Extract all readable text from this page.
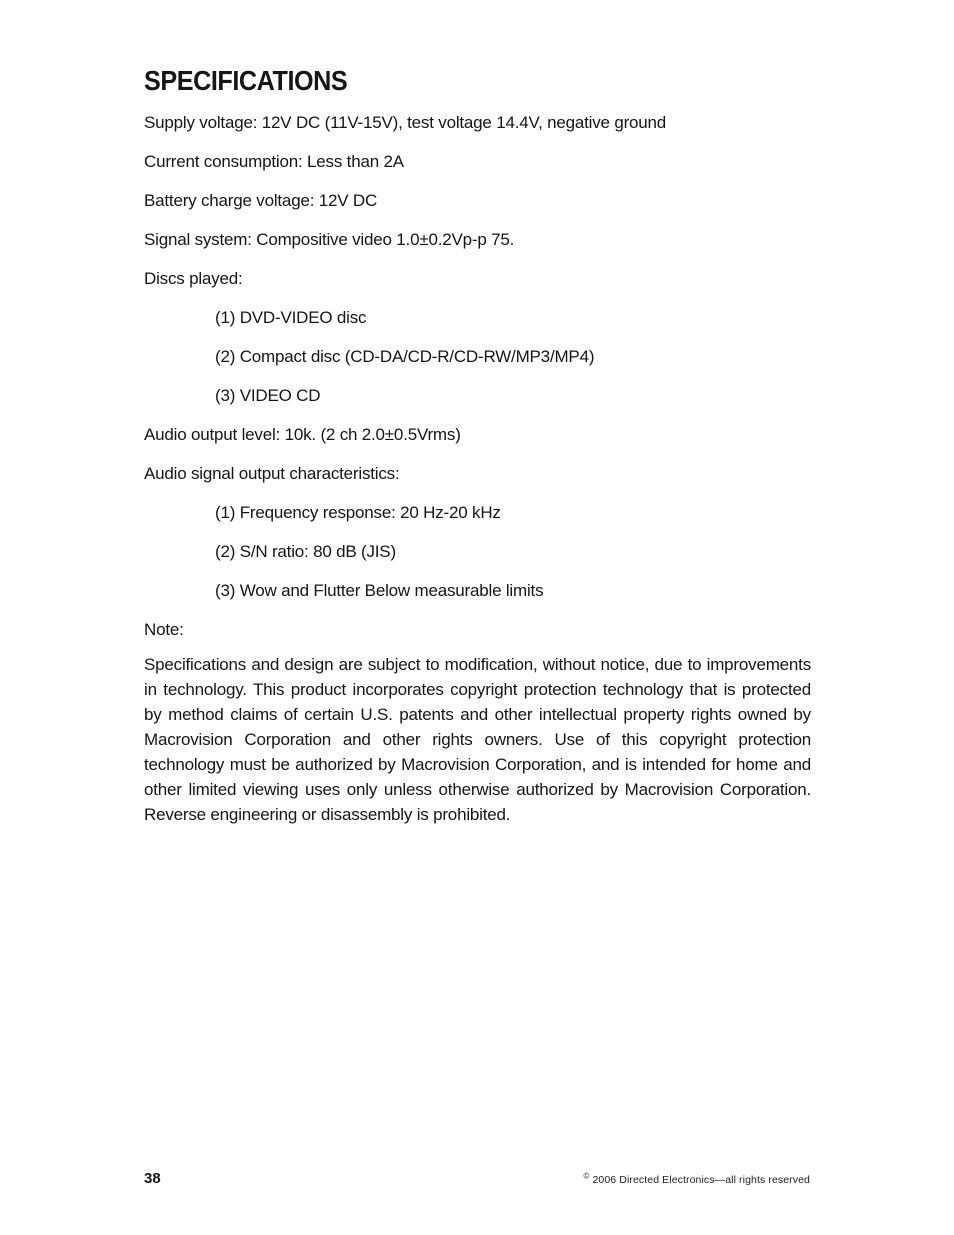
SPECIFICATIONS
Supply voltage: 12V DC (11V-15V), test voltage 14.4V, negative ground
Current consumption: Less than 2A
Battery charge voltage: 12V DC
Signal system: Compositive video 1.0±0.2Vp-p 75.
Discs played:
(1) DVD-VIDEO disc
(2) Compact disc (CD-DA/CD-R/CD-RW/MP3/MP4)
(3) VIDEO CD
Audio output level: 10k. (2 ch 2.0±0.5Vrms)
Audio signal output characteristics:
(1) Frequency response: 20 Hz-20 kHz
(2) S/N ratio: 80 dB (JIS)
(3) Wow and Flutter Below measurable limits
Note:

Specifications and design are subject to modification, without notice, due to improvements in technology. This product incorporates copyright protection technology that is protected by method claims of certain U.S. patents and other intellectual property rights owned by Macrovision Corporation and other rights owners. Use of this copyright protection technology must be authorized by Macrovision Corporation, and is intended for home and other limited viewing uses only unless otherwise authorized by Macrovision Corporation. Reverse engineering or disassembly is prohibited.

38	© 2006 Directed Electronics—all rights reserved
